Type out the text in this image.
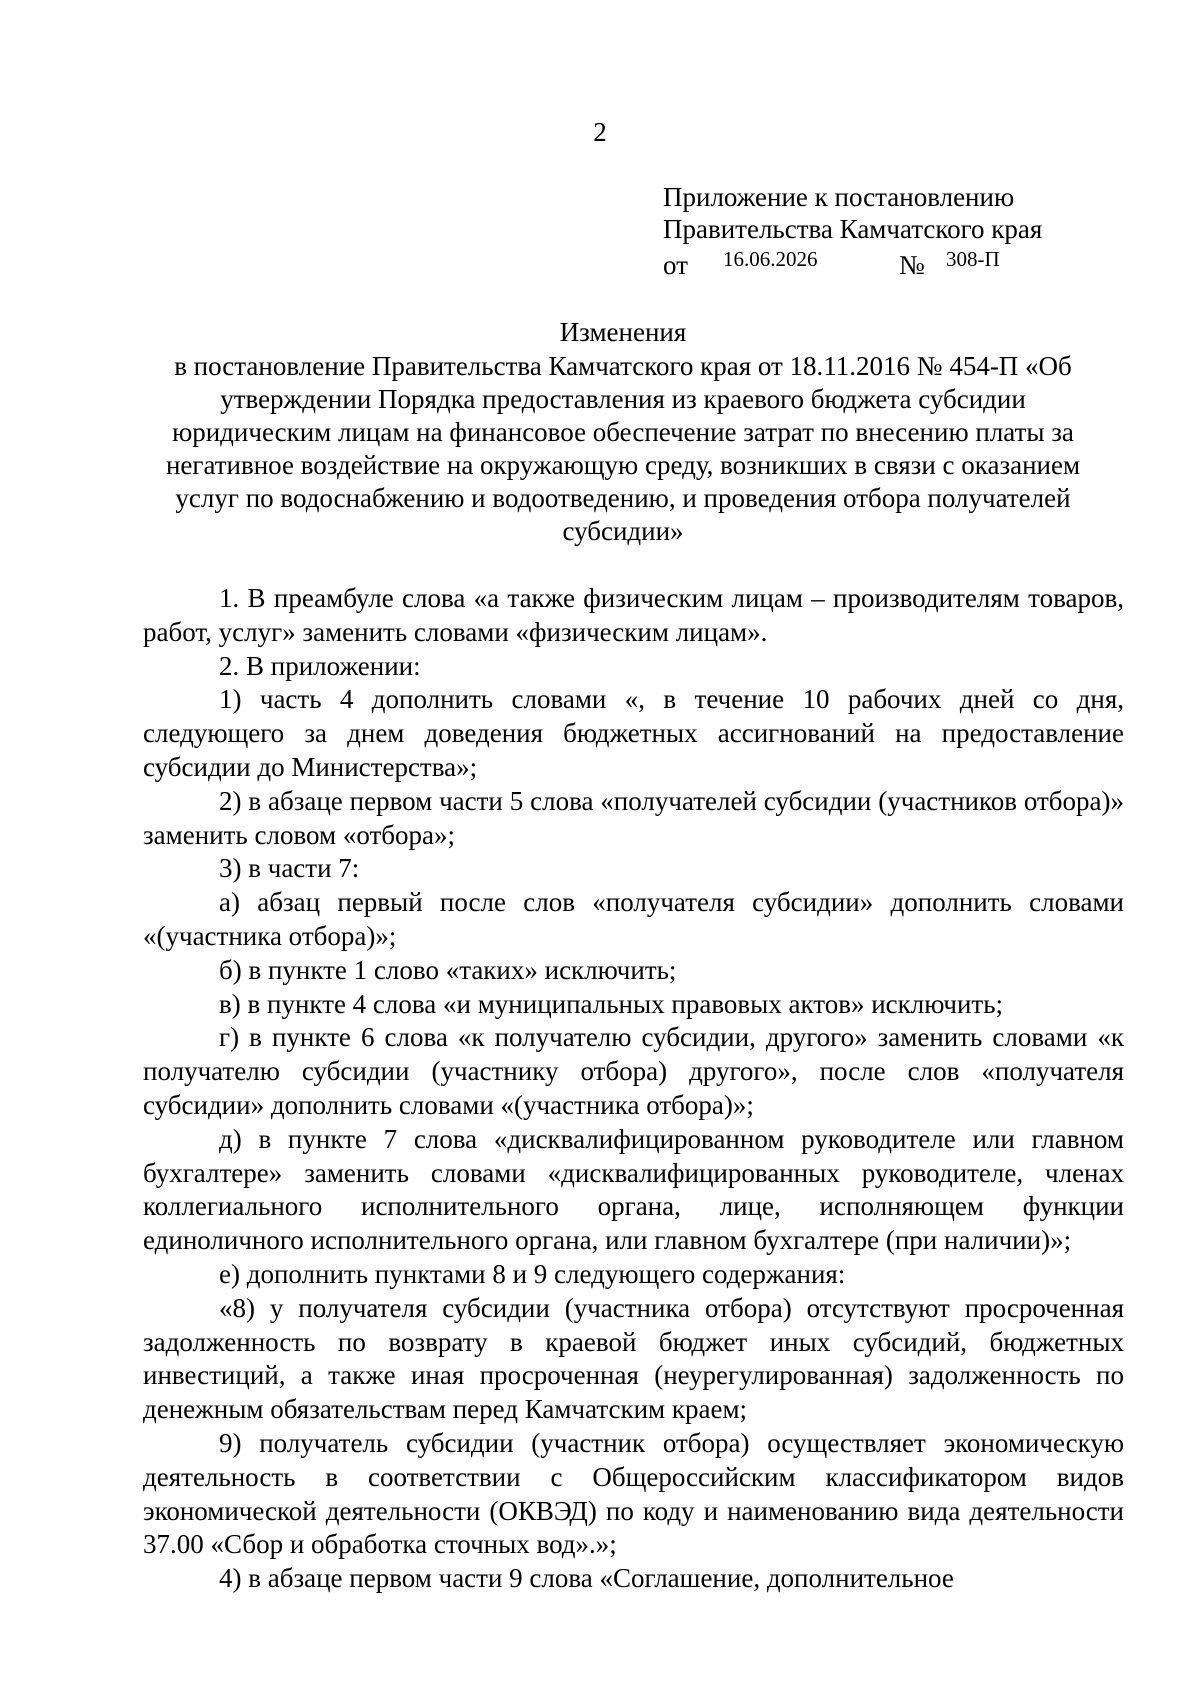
2
Приложение к постановлению
Правительства Камчатского края
от 16.06.2026	№ 308-П
Изменения
в постановление Правительства Камчатского края от 18.11.2016 № 454-П «Об утверждении Порядка предоставления из краевого бюджета субсидии юридическим лицам на финансовое обеспечение затрат по внесению платы за негативное воздействие на окружающую среду, возникших в связи с оказанием услуг по водоснабжению и водоотведению, и проведения отбора получателей субсидии»

1. В преамбуле слова «а также физическим лицам – производителям товаров, работ, услуг» заменить словами «физическим лицам».

2. В приложении:

1) часть 4 дополнить словами «, в течение 10 рабочих дней со дня, следующего за днем доведения бюджетных ассигнований на предоставление субсидии до Министерства»;

2) в абзаце первом части 5 слова «получателей субсидии (участников отбора)» заменить словом «отбора»;

3) в части 7:

а) абзац первый после слов «получателя субсидии» дополнить словами «(участника отбора)»;

б) в пункте 1 слово «таких» исключить;

в) в пункте 4 слова «и муниципальных правовых актов» исключить;

г) в пункте 6 слова «к получателю субсидии, другого» заменить словами «к получателю субсидии (участнику отбора) другого», после слов «получателя субсидии» дополнить словами «(участника отбора)»;

д) в пункте 7 слова «дисквалифицированном руководителе или главном бухгалтере» заменить словами «дисквалифицированных руководителе, членах коллегиального исполнительного органа, лице, исполняющем функции единоличного исполнительного органа, или главном бухгалтере (при наличии)»;

е) дополнить пунктами 8 и 9 следующего содержания:

«8) у получателя субсидии (участника отбора) отсутствуют просроченная задолженность по возврату в краевой бюджет иных субсидий, бюджетных инвестиций, а также иная просроченная (неурегулированная) задолженность по денежным обязательствам перед Камчатским краем;

9) получатель субсидии (участник отбора) осуществляет экономическую деятельность в соответствии с Общероссийским классификатором видов экономической деятельности (ОКВЭД) по коду и наименованию вида деятельности 37.00 «Сбор и обработка сточных вод».»;

4) в абзаце первом части 9 слова «Соглашение, дополнительное
